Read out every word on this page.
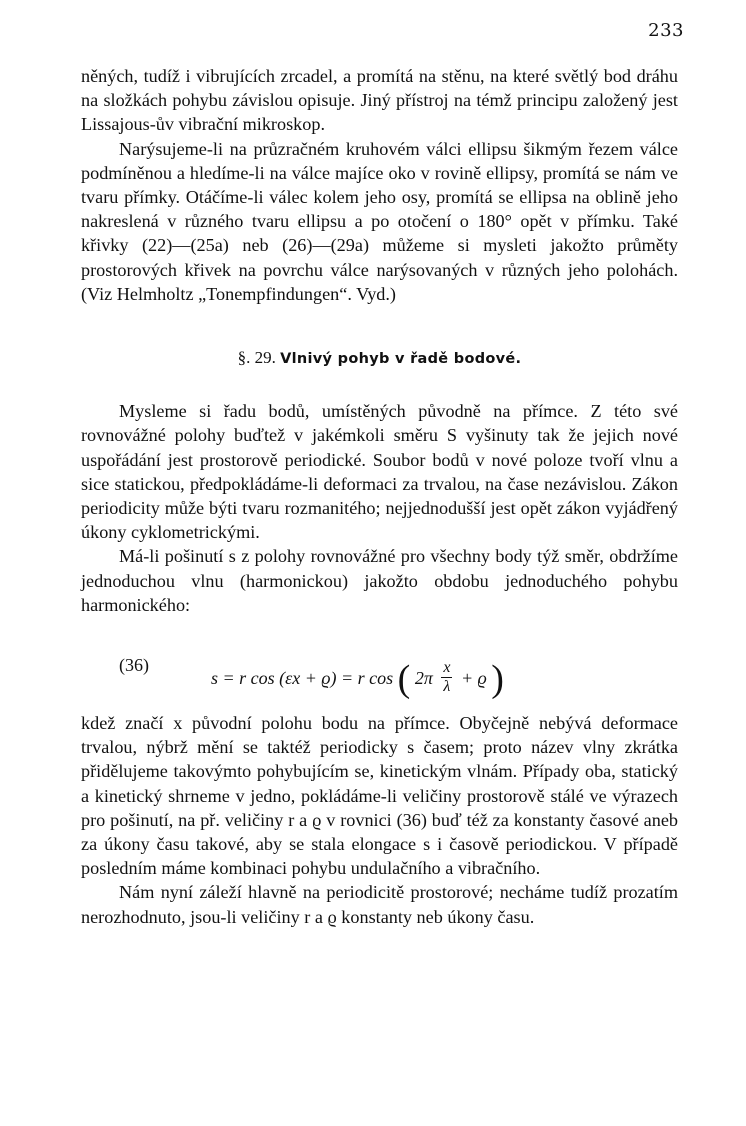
233

něných, tudíž i vibrujících zrcadel, a promítá na stěnu, na které světlý bod dráhu na složkách pohybu závislou opisuje. Jiný přístroj na témž principu založený jest Lissajous-ův vibrační mikroskop.

Narýsujeme-li na průzračném kruhovém válci ellipsu šikmým řezem válce podmíněnou a hledíme-li na válce majíce oko v rovině ellipsy, promítá se nám ve tvaru přímky. Otáčíme-li válec kolem jeho osy, promítá se ellipsa na oblině jeho nakreslená v různého tvaru ellipsu a po otočení o 180° opět v přímku. Také křivky (22)—(25a) neb (26)—(29a) můžeme si mysleti jakožto průměty prostorových křivek na povrchu válce narýsovaných v různých jeho polohách. (Viz Helmholtz „Tonempfindungen“. Vyd.)

§. 29. Vlnivý pohyb v řadě bodové.

Mysleme si řadu bodů, umístěných původně na přímce. Z této své rovnovážné polohy buďtež v jakémkoli směru S vyšinuty tak že jejich nové uspořádání jest prostorově periodické. Soubor bodů v nové poloze tvoří vlnu a sice statickou, předpokládáme-li deformaci za trvalou, na čase nezávislou. Zákon periodicity může býti tvaru rozmanitého; nejjednodušší jest opět zákon vyjádřený úkony cyklometrickými.

Má-li pošinutí s z polohy rovnovážné pro všechny body týž směr, obdržíme jednoduchou vlnu (harmonickou) jakožto obdobu jednoduchého pohybu harmonického:

(36)
s = r cos (εx + ϱ) = r cos ( $2\pi \frac{x}{\lambda} + ϱ$ )

kdež značí x původní polohu bodu na přímce. Obyčejně nebývá deformace trvalou, nýbrž mění se taktéž periodicky s časem; proto název vlny zkrátka přidělujeme takovýmto pohybujícím se, kinetickým vlnám. Případy oba, statický a kinetický shrneme v jedno, pokládáme-li veličiny prostorově stálé ve výrazech pro pošinutí, na př. veličiny r a ϱ v rovnici (36) buď též za konstanty časové aneb za úkony času takové, aby se stala elongace s i časově periodickou. V případě posledním máme kombinaci pohybu undulačního a vibračního.

Nám nyní záleží hlavně na periodicitě prostorové; necháme tudíž prozatím nerozhodnuto, jsou-li veličiny r a ϱ konstanty neb úkony času.
